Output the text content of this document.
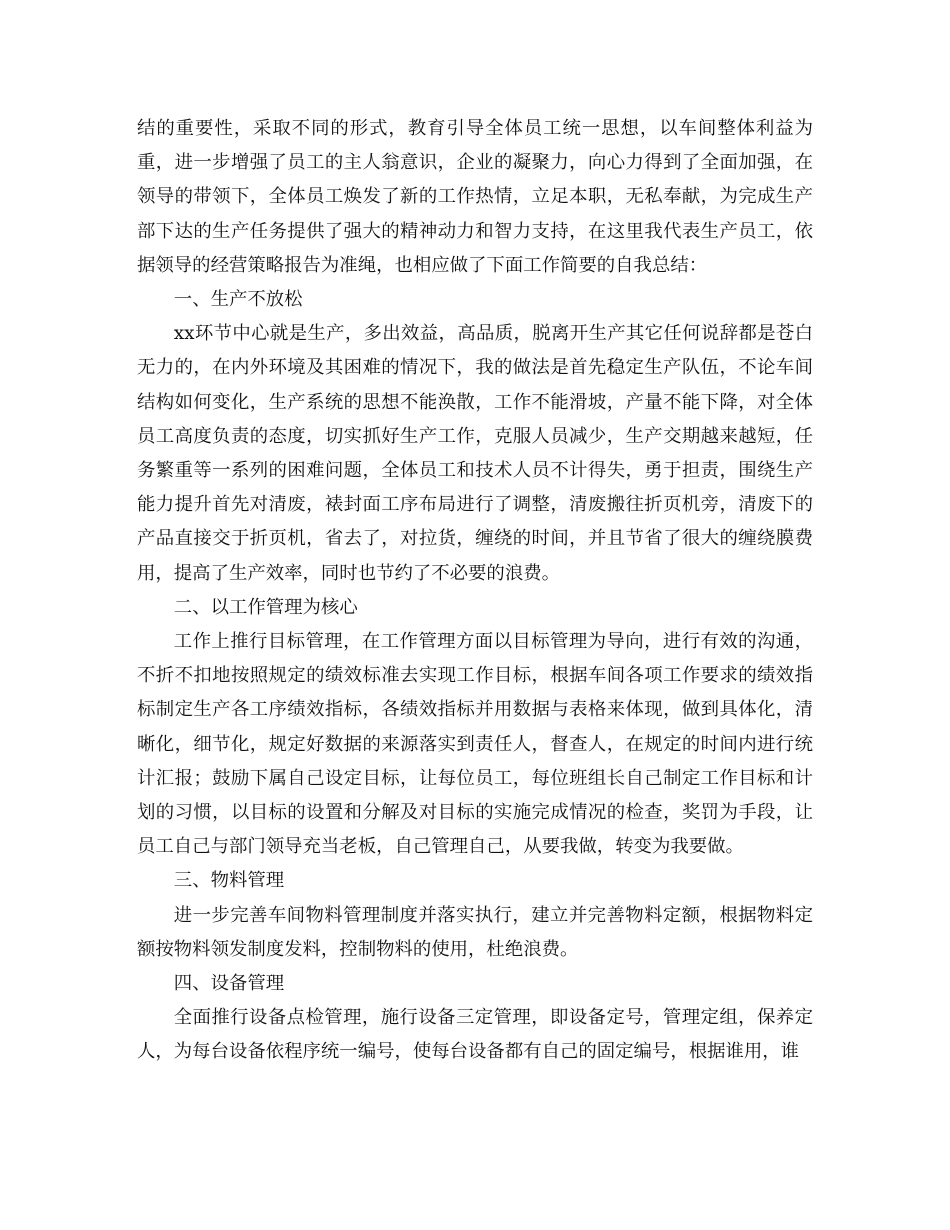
结的重要性，采取不同的形式，教育引导全体员工统一思想，以车间整体利益为重，进一步增强了员工的主人翁意识，企业的凝聚力，向心力得到了全面加强，在领导的带领下，全体员工焕发了新的工作热情，立足本职，无私奉献，为完成生产部下达的生产任务提供了强大的精神动力和智力支持，在这里我代表生产员工，依据领导的经营策略报告为准绳，也相应做了下面工作简要的自我总结：

一、生产不放松

xx环节中心就是生产，多出效益，高品质，脱离开生产其它任何说辞都是苍白无力的，在内外环境及其困难的情况下，我的做法是首先稳定生产队伍，不论车间结构如何变化，生产系统的思想不能涣散，工作不能滑坡，产量不能下降，对全体员工高度负责的态度，切实抓好生产工作，克服人员减少，生产交期越来越短，任务繁重等一系列的困难问题，全体员工和技术人员不计得失，勇于担责，围绕生产能力提升首先对清废，裱封面工序布局进行了调整，清废搬往折页机旁，清废下的产品直接交于折页机，省去了，对拉货，缠绕的时间，并且节省了很大的缠绕膜费用，提高了生产效率，同时也节约了不必要的浪费。

二、以工作管理为核心

工作上推行目标管理，在工作管理方面以目标管理为导向，进行有效的沟通，不折不扣地按照规定的绩效标准去实现工作目标，根据车间各项工作要求的绩效指标制定生产各工序绩效指标，各绩效指标并用数据与表格来体现，做到具体化，清晰化，细节化，规定好数据的来源落实到责任人，督查人，在规定的时间内进行统计汇报；鼓励下属自己设定目标，让每位员工，每位班组长自己制定工作目标和计划的习惯，以目标的设置和分解及对目标的实施完成情况的检查，奖罚为手段，让员工自己与部门领导充当老板，自己管理自己，从要我做，转变为我要做。

三、物料管理

进一步完善车间物料管理制度并落实执行，建立并完善物料定额，根据物料定额按物料领发制度发料，控制物料的使用，杜绝浪费。

四、设备管理

全面推行设备点检管理，施行设备三定管理，即设备定号，管理定组，保养定人，为每台设备依程序统一编号，使每台设备都有自己的固定编号，根据谁用，谁
